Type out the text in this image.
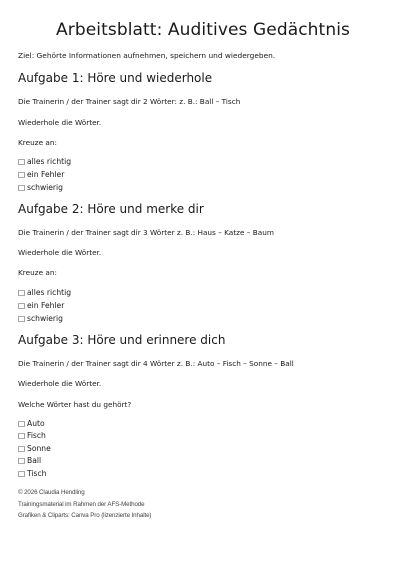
Arbeitsblatt: Auditives Gedächtnis
Ziel: Gehörte Informationen aufnehmen, speichern und wiedergeben.
Aufgabe 1: Höre und wiederhole
Die Trainerin / der Trainer sagt dir 2 Wörter: z. B.: Ball – Tisch
Wiederhole die Wörter.
Kreuze an:
□ alles richtig
□ ein Fehler
□ schwierig
Aufgabe 2: Höre und merke dir
Die Trainerin / der Trainer sagt dir 3 Wörter z. B.: Haus – Katze – Baum
Wiederhole die Wörter.
Kreuze an:
□ alles richtig
□ ein Fehler
□ schwierig
Aufgabe 3: Höre und erinnere dich
Die Trainerin / der Trainer sagt dir 4 Wörter z. B.: Auto – Fisch – Sonne – Ball
Wiederhole die Wörter.
Welche Wörter hast du gehört?
□ Auto
□ Fisch
□ Sonne
□ Ball
□ Tisch
© 2026 Claudia Hendling
Trainingsmaterial im Rahmen der AFS-Methode
Grafiken & Cliparts: Canva Pro (lizenzierte Inhalte)
